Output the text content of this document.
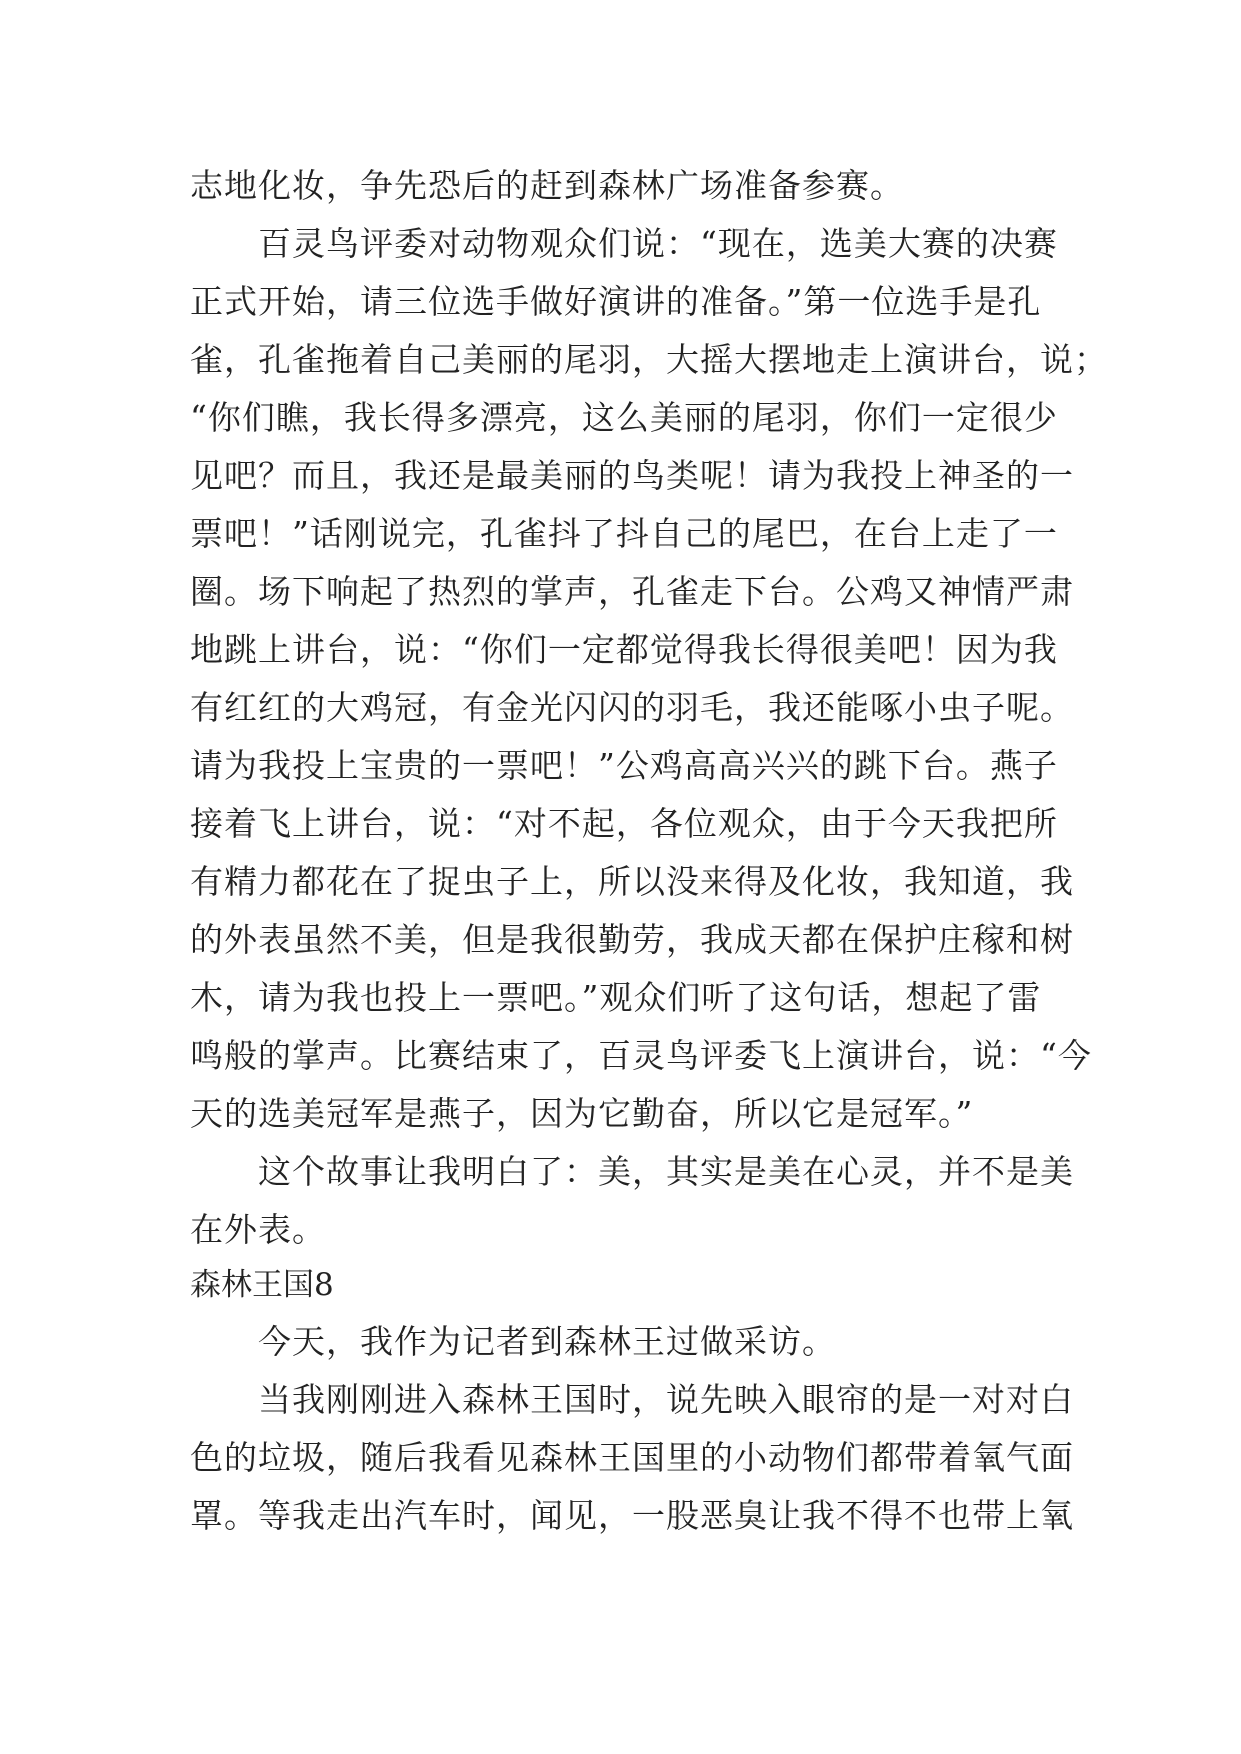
志地化妆，争先恐后的赶到森林广场准备参赛。
百灵鸟评委对动物观众们说：“现在，选美大赛的决赛
正式开始，请三位选手做好演讲的准备。”第一位选手是孔
雀，孔雀拖着自己美丽的尾羽，大摇大摆地走上演讲台，说；
“你们瞧，我长得多漂亮，这么美丽的尾羽，你们一定很少
见吧？而且，我还是最美丽的鸟类呢！请为我投上神圣的一
票吧！”话刚说完，孔雀抖了抖自己的尾巴，在台上走了一
圈。场下响起了热烈的掌声，孔雀走下台。公鸡又神情严肃
地跳上讲台，说：“你们一定都觉得我长得很美吧！因为我
有红红的大鸡冠，有金光闪闪的羽毛，我还能啄小虫子呢。
请为我投上宝贵的一票吧！”公鸡高高兴兴的跳下台。燕子
接着飞上讲台，说：“对不起，各位观众，由于今天我把所
有精力都花在了捉虫子上，所以没来得及化妆，我知道，我
的外表虽然不美，但是我很勤劳，我成天都在保护庄稼和树
木，请为我也投上一票吧。”观众们听了这句话，想起了雷
鸣般的掌声。比赛结束了，百灵鸟评委飞上演讲台，说：“今
天的选美冠军是燕子，因为它勤奋，所以它是冠军。”
这个故事让我明白了：美，其实是美在心灵，并不是美
在外表。
森林王国8
今天，我作为记者到森林王过做采访。
当我刚刚进入森林王国时，说先映入眼帘的是一对对白
色的垃圾，随后我看见森林王国里的小动物们都带着氧气面
罩。等我走出汽车时，闻见，一股恶臭让我不得不也带上氧
